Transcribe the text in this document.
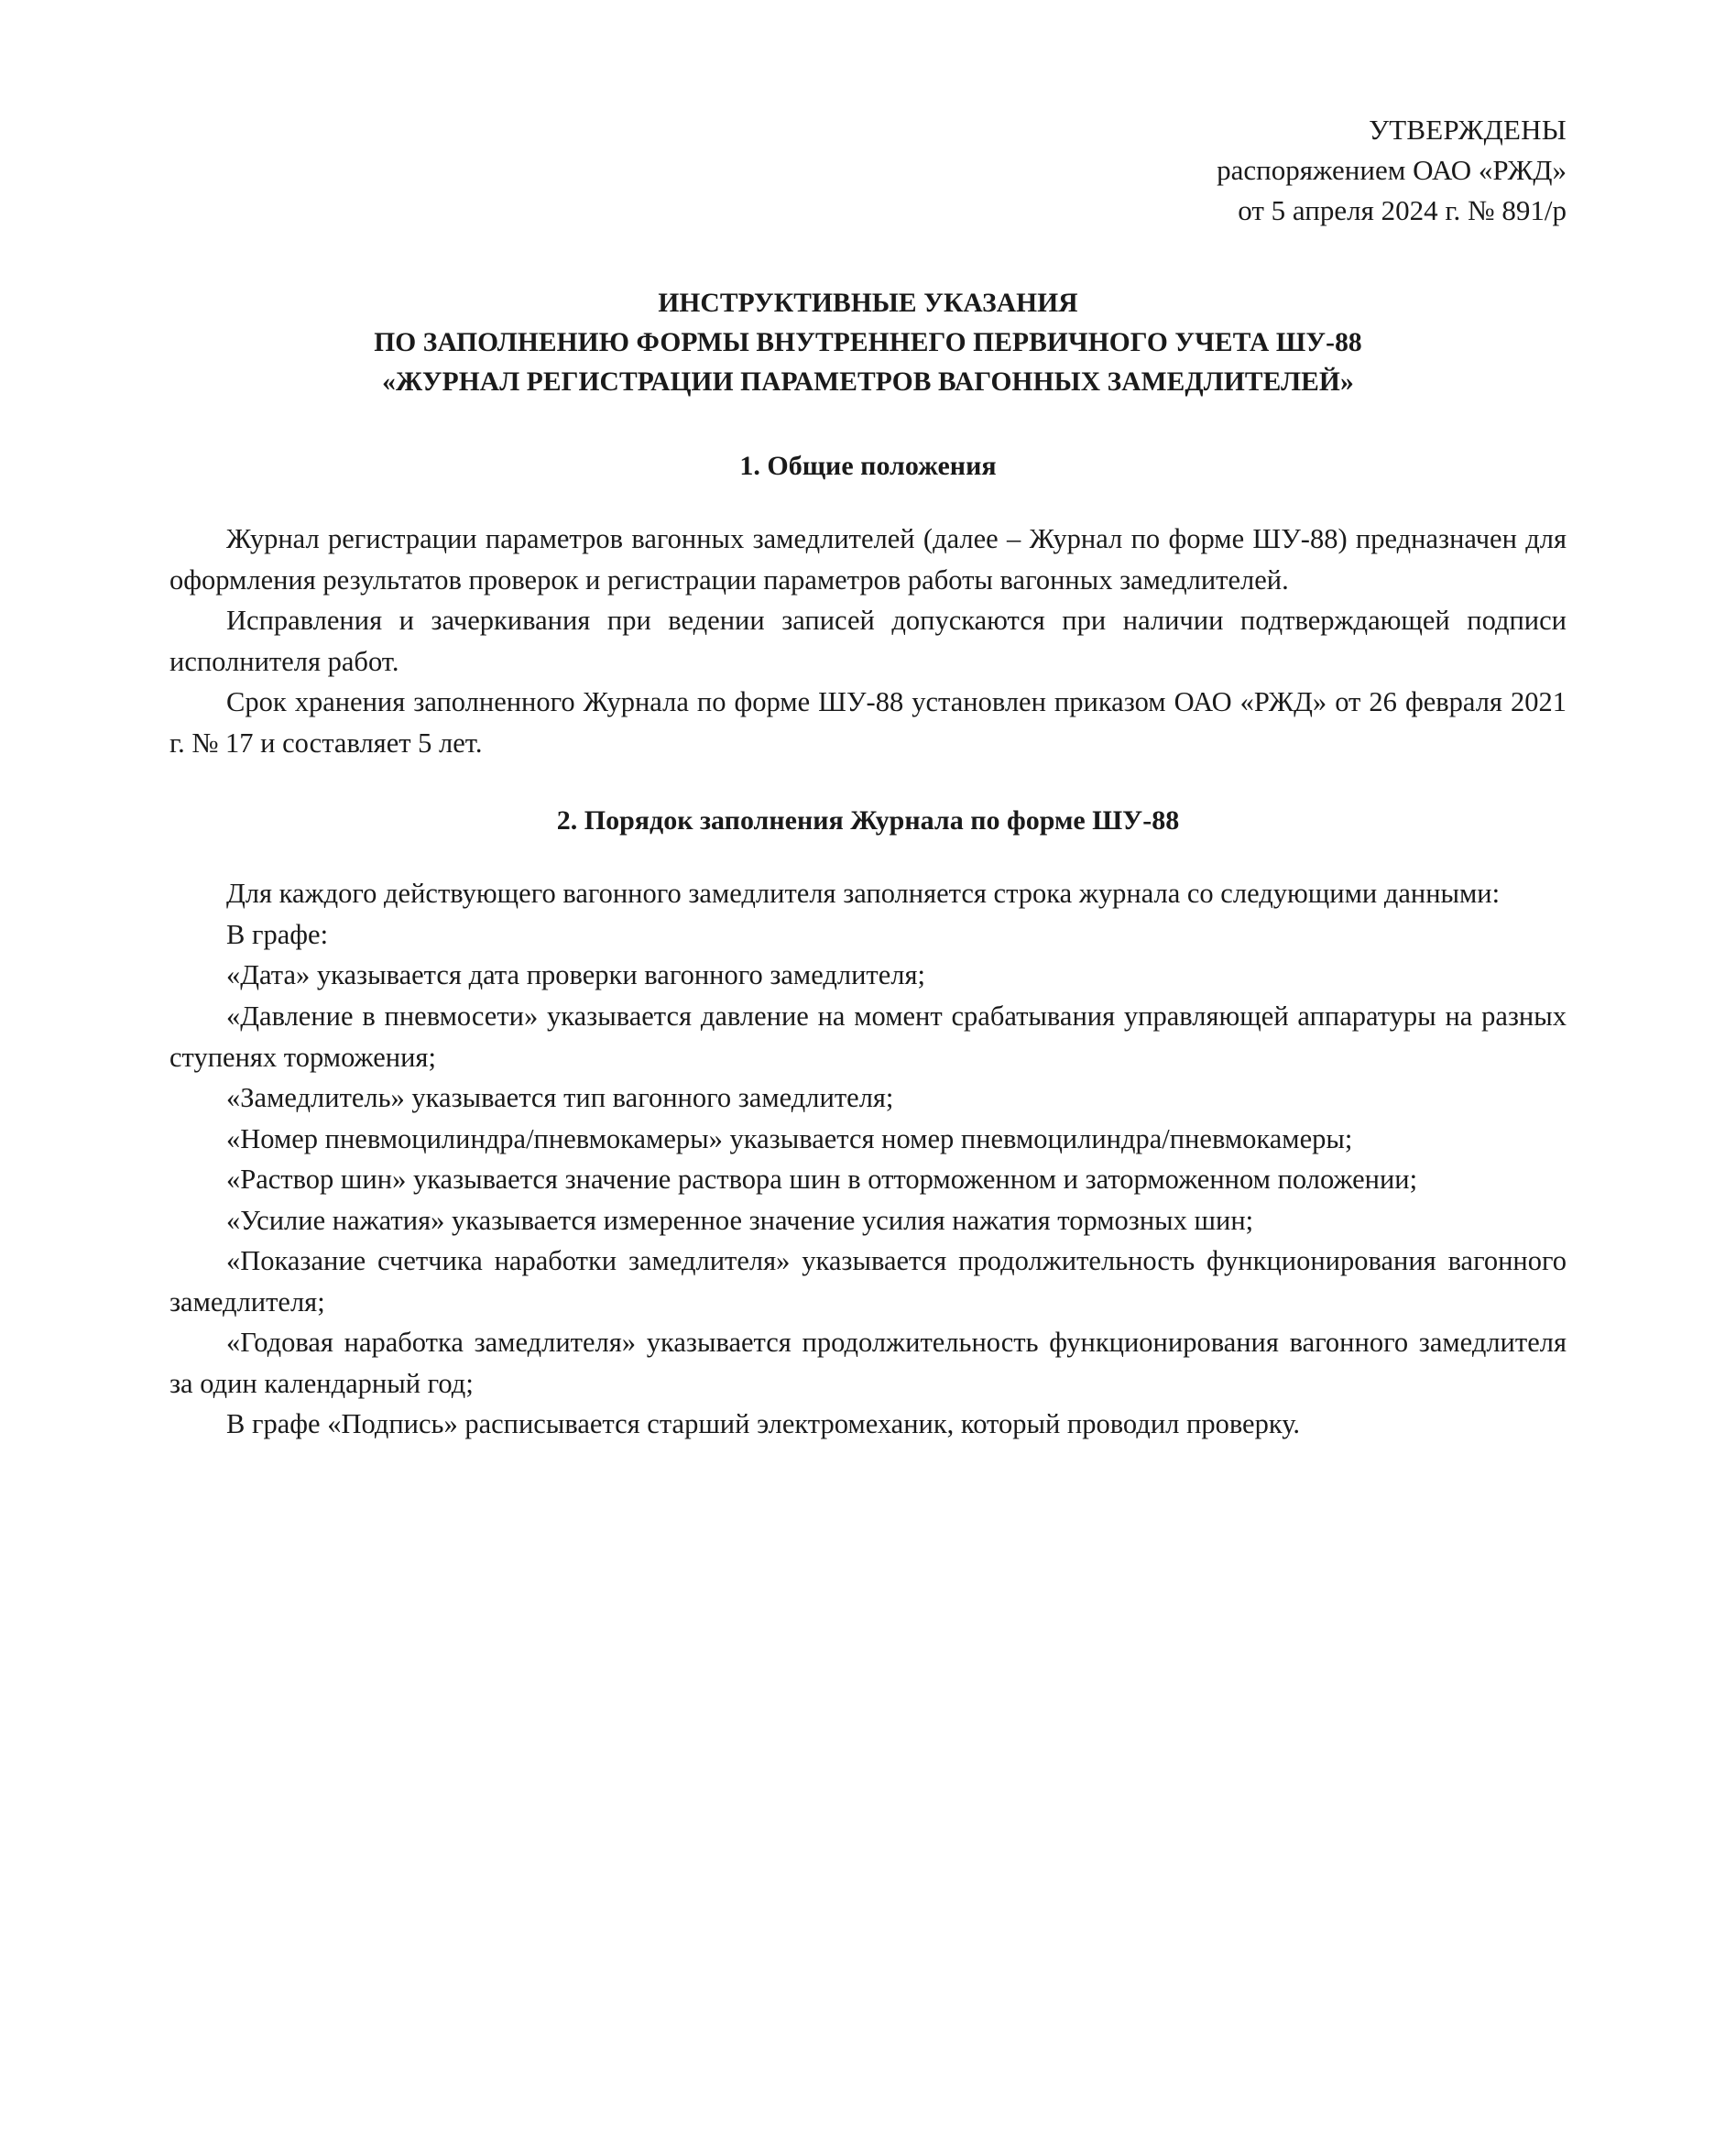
УТВЕРЖДЕНЫ
распоряжением ОАО «РЖД»
от 5 апреля 2024 г. № 891/р
ИНСТРУКТИВНЫЕ УКАЗАНИЯ
ПО ЗАПОЛНЕНИЮ ФОРМЫ ВНУТРЕННЕГО ПЕРВИЧНОГО УЧЕТА ШУ-88
«ЖУРНАЛ РЕГИСТРАЦИИ ПАРАМЕТРОВ ВАГОННЫХ ЗАМЕДЛИТЕЛЕЙ»
1. Общие положения

Журнал регистрации параметров вагонных замедлителей (далее – Журнал по форме ШУ-88) предназначен для оформления результатов проверок и регистрации параметров работы вагонных замедлителей.

Исправления и зачеркивания при ведении записей допускаются при наличии подтверждающей подписи исполнителя работ.

Срок хранения заполненного Журнала по форме ШУ-88 установлен приказом ОАО «РЖД» от 26 февраля 2021 г. № 17 и составляет 5 лет.

2. Порядок заполнения Журнала по форме ШУ-88

Для каждого действующего вагонного замедлителя заполняется строка журнала со следующими данными:

В графе:

«Дата» указывается дата проверки вагонного замедлителя;

«Давление в пневмосети» указывается давление на момент срабатывания управляющей аппаратуры на разных ступенях торможения;

«Замедлитель» указывается тип вагонного замедлителя;

«Номер пневмоцилиндра/пневмокамеры» указывается номер пневмоцилиндра/пневмокамеры;

«Раствор шин» указывается значение раствора шин в отторможенном и заторможенном положении;

«Усилие нажатия» указывается измеренное значение усилия нажатия тормозных шин;

«Показание счетчика наработки замедлителя» указывается продолжительность функционирования вагонного замедлителя;

«Годовая наработка замедлителя» указывается продолжительность функционирования вагонного замедлителя за один календарный год;

В графе «Подпись» расписывается старший электромеханик, который проводил проверку.
